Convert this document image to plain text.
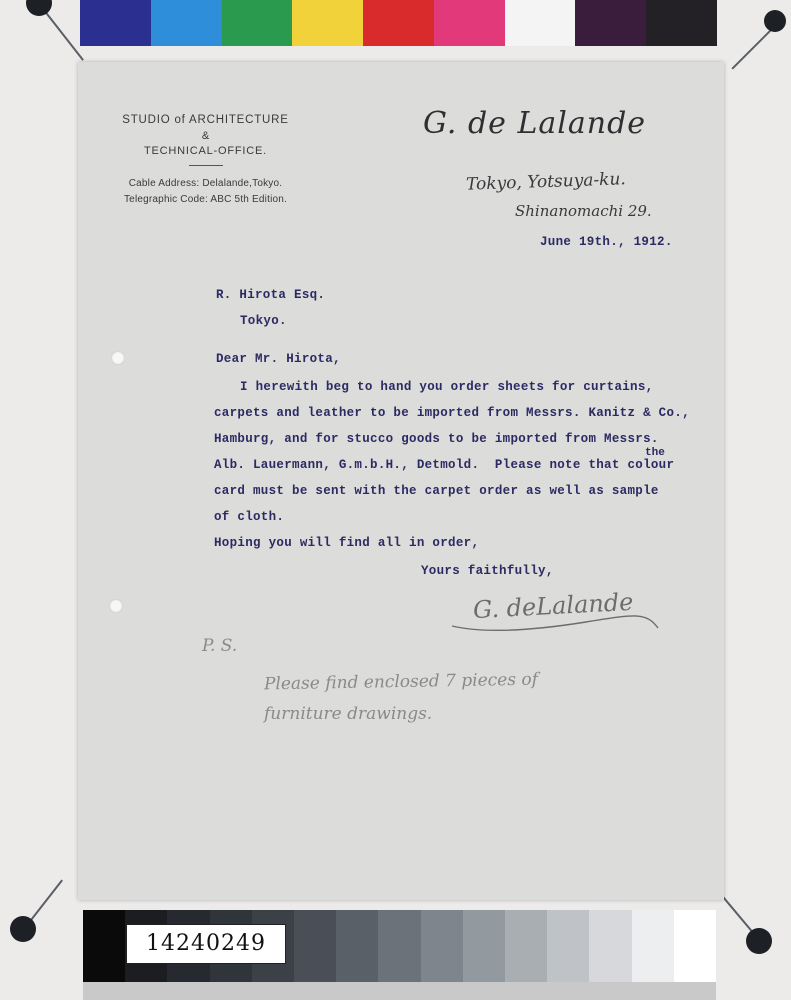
STUDIO of ARCHITECTURE
&
TECHNICAL-OFFICE.
Cable Address: Delalande,Tokyo.
Telegraphic Code: ABC 5th Edition.
G. de Lalande
Tokyo, Yotsuya-ku.
Shinanomachi 29.
June 19th., 1912.
R. Hirota Esq.
Tokyo.
Dear Mr. Hirota,
I herewith beg to hand you order sheets for curtains,
carpets and leather to be imported from Messrs. Kanitz & Co.,
Hamburg, and for stucco goods to be imported from Messrs.
Alb. Lauermann, G.m.b.H., Detmold.  Please note that colour
the
card must be sent with the carpet order as well as sample
of cloth.
Hoping you will find all in order,
Yours faithfully,
G. deLalande
P. S.
Please find enclosed 7 pieces of
furniture drawings.
14240249
